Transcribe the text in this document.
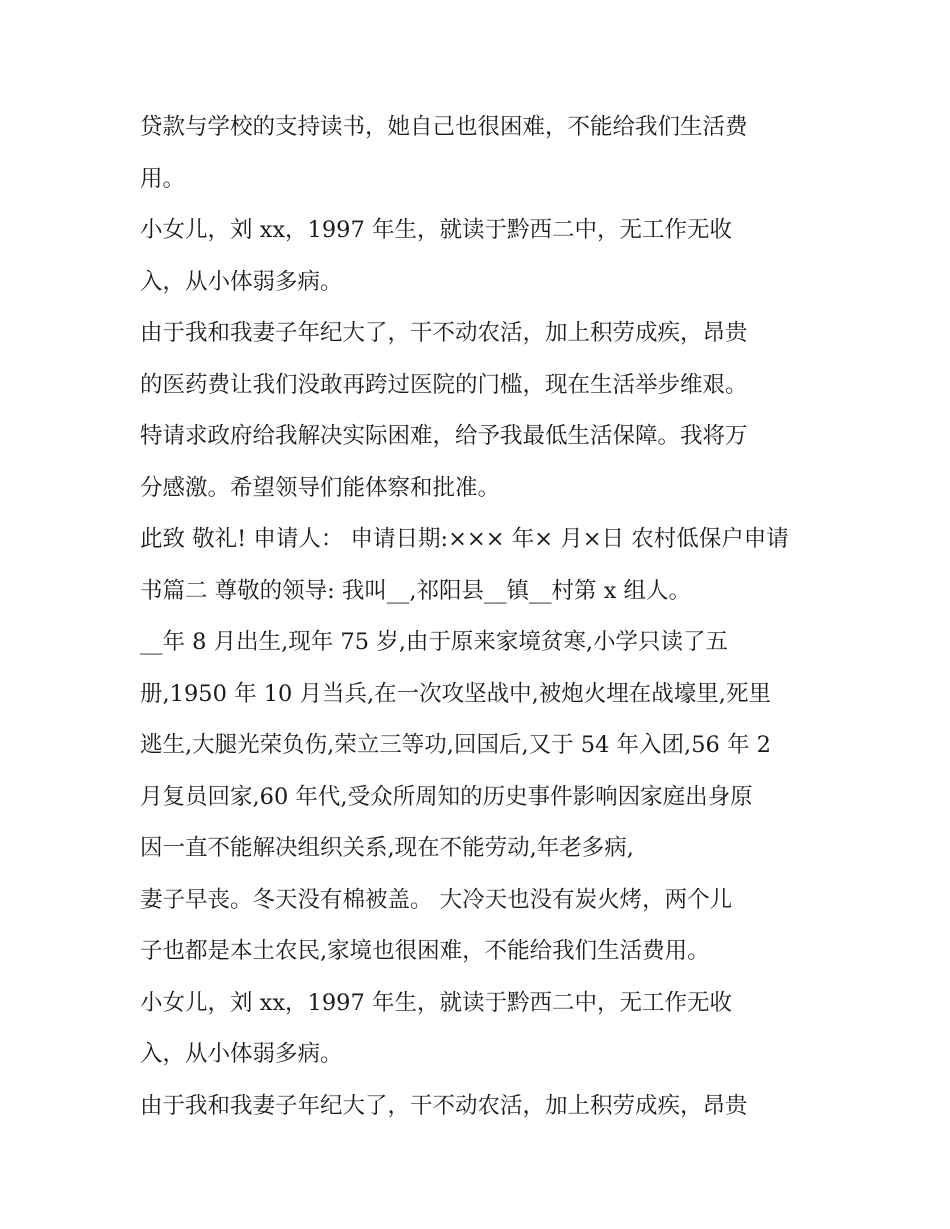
贷款与学校的支持读书，她自己也很困难，不能给我们生活费
用。
小女儿，刘 xx，1997 年生，就读于黔西二中，无工作无收
入，从小体弱多病。
由于我和我妻子年纪大了，干不动农活，加上积劳成疾，昂贵
的医药费让我们没敢再跨过医院的门槛，现在生活举步维艰。
特请求政府给我解决实际困难，给予我最低生活保障。我将万
分感激。希望领导们能体察和批准。
此致 敬礼! 申请人： 申请日期:××× 年× 月×日 农村低保户申请
书篇二 尊敬的领导: 我叫__,祁阳县__镇__村第 x 组人。
__年 8 月出生,现年 75 岁,由于原来家境贫寒,小学只读了五
册,1950 年 10 月当兵,在一次攻坚战中,被炮火埋在战壕里,死里
逃生,大腿光荣负伤,荣立三等功,回国后,又于 54 年入团,56 年 2
月复员回家,60 年代,受众所周知的历史事件影响因家庭出身原
因一直不能解决组织关系,现在不能劳动,年老多病,
妻子早丧。冬天没有棉被盖。 大冷天也没有炭火烤，两个儿
子也都是本土农民,家境也很困难，不能给我们生活费用。
小女儿，刘 xx，1997 年生，就读于黔西二中，无工作无收
入，从小体弱多病。
由于我和我妻子年纪大了，干不动农活，加上积劳成疾，昂贵
